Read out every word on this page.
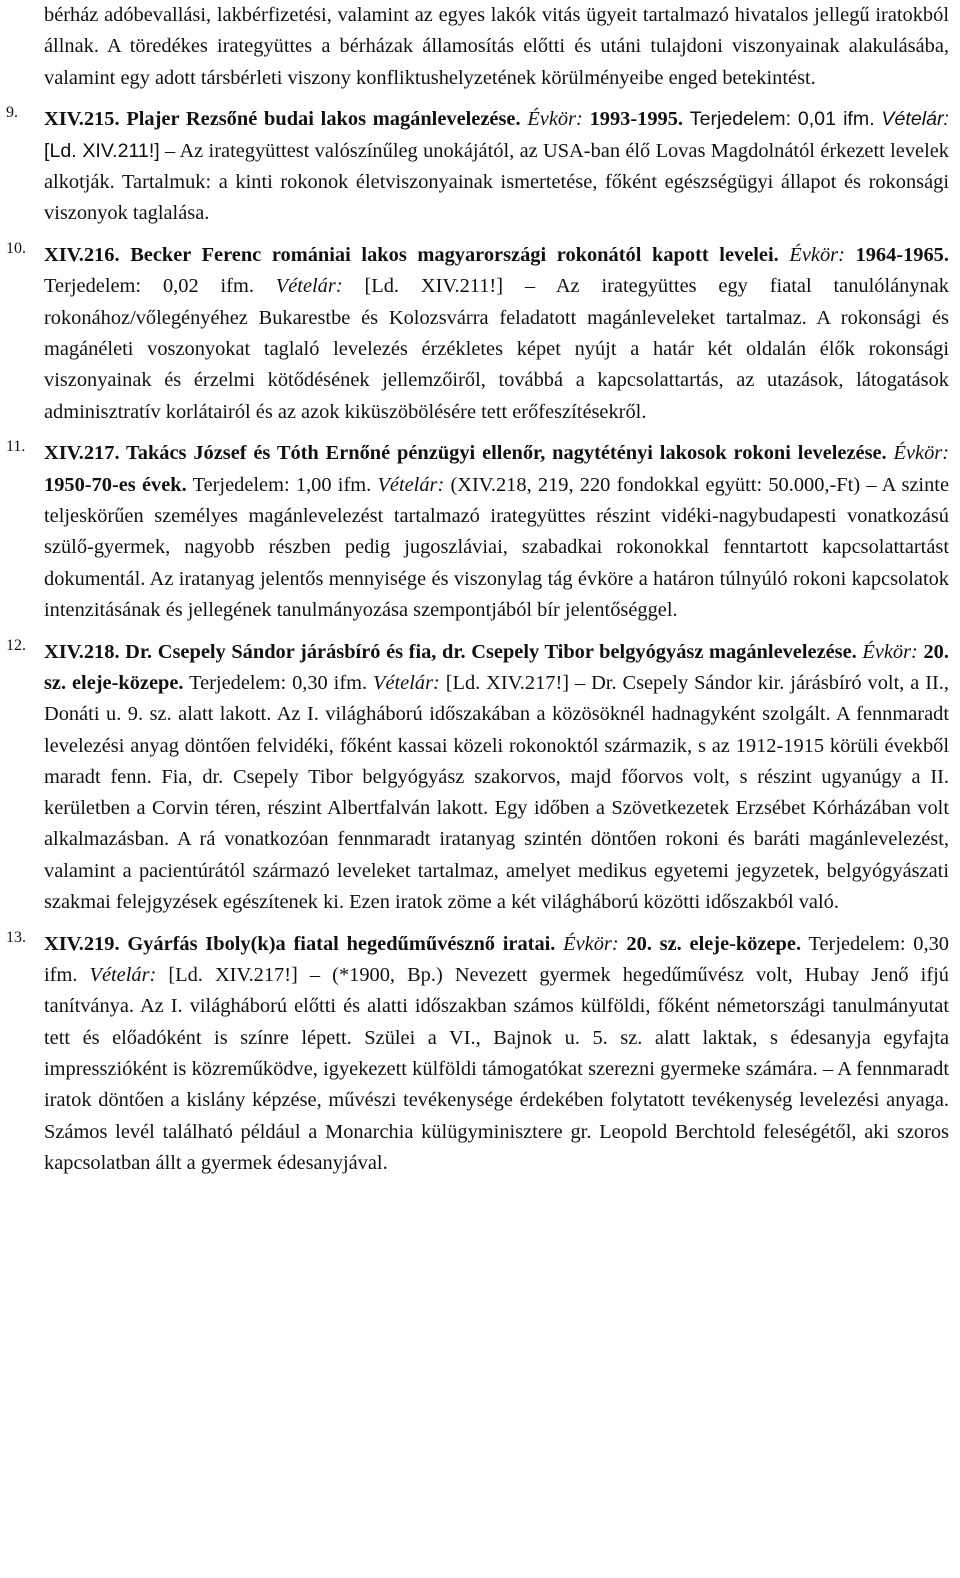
bérház adóbevallási, lakbérfizetési, valamint az egyes lakók vitás ügyeit tartalmazó hivatalos jellegű iratokból állnak. A töredékes irategyüttes a bérházak államosítás előtti és utáni tulajdoni viszonyainak alakulásába, valamint egy adott társbérleti viszony konfliktushelyzetének körülményeibe enged betekintést.

9. XIV.215. Plajer Rezsőné budai lakos magánlevelezése. Évkör: 1993-1995. Terjedelem: 0,01 ifm. Vételár: [Ld. XIV.211!] – Az irategyüttest valószínűleg unokájától, az USA-ban élő Lovas Magdolnától érkezett levelek alkotják. Tartalmuk: a kinti rokonok életviszonyainak ismertetése, főként egészségügyi állapot és rokonsági viszonyok taglalása.

10. XIV.216. Becker Ferenc romániai lakos magyarországi rokonától kapott levelei. Évkör: 1964-1965. Terjedelem: 0,02 ifm. Vételár: [Ld. XIV.211!] – Az irategyüttes egy fiatal tanulólánynak rokonához/vőlegényéhez Bukarestbe és Kolozsvárra feladatott magánleveleket tartalmaz. A rokonsági és magánéleti voszonyokat taglaló levelezés érzékletes képet nyújt a határ két oldalán élők rokonsági viszonyainak és érzelmi kötődésének jellemzőiről, továbbá a kapcsolattartás, az utazások, látogatások adminisztratív korlátairól és az azok kiküszöbölésére tett erőfeszítésekről.

11. XIV.217. Takács József és Tóth Ernőné pénzügyi ellenőr, nagytétényi lakosok rokoni levelezése. Évkör: 1950-70-es évek. Terjedelem: 1,00 ifm. Vételár: (XIV.218, 219, 220 fondokkal együtt: 50.000,-Ft) – A szinte teljeskörűen személyes magánlevelezést tartalmazó irategyüttes részint vidéki-nagybudapesti vonatkozású szülő-gyermek, nagyobb részben pedig jugoszláviai, szabadkai rokonokkal fenntartott kapcsolattartást dokumentál. Az iratanyag jelentős mennyisége és viszonylag tág évköre a határon túlnyúló rokoni kapcsolatok intenzitásának és jellegének tanulmányozása szempontjából bír jelentőséggel.

12. XIV.218. Dr. Csepely Sándor járásbíró és fia, dr. Csepely Tibor belgyógyász magánlevelezése. Évkör: 20. sz. eleje-közepe. Terjedelem: 0,30 ifm. Vételár: [Ld. XIV.217!] – Dr. Csepely Sándor kir. járásbíró volt, a II., Donáti u. 9. sz. alatt lakott. Az I. világháború időszakában a közösöknél hadnagyként szolgált. A fennmaradt levelezési anyag döntően felvidéki, főként kassai közeli rokonoktól származik, s az 1912-1915 körüli évekből maradt fenn. Fia, dr. Csepely Tibor belgyógyász szakorvos, majd főorvos volt, s részint ugyanúgy a II. kerületben a Corvin téren, részint Albertfalván lakott. Egy időben a Szövetkezetek Erzsébet Kórházában volt alkalmazásban. A rá vonatkozóan fennmaradt iratanyag szintén döntően rokoni és baráti magánlevelezést, valamint a pacientúrától származó leveleket tartalmaz, amelyet medikus egyetemi jegyzetek, belgyógyászati szakmai felejgyzések egészítenek ki. Ezen iratok zöme a két világháború közötti időszakból való.

13. XIV.219. Gyárfás Iboly(k)a fiatal hegedűművésznő iratai. Évkör: 20. sz. eleje-közepe. Terjedelem: 0,30 ifm. Vételár: [Ld. XIV.217!] – (*1900, Bp.) Nevezett gyermek hegedűművész volt, Hubay Jenő ifjú tanítványa. Az I. világháború előtti és alatti időszakban számos külföldi, főként németországi tanulmányutat tett és előadóként is színre lépett. Szülei a VI., Bajnok u. 5. sz. alatt laktak, s édesanyja egyfajta impresszióként is közreműködve, igyekezett külföldi támogatókat szerezni gyermeke számára. – A fennmaradt iratok döntően a kislány képzése, művészi tevékenysége érdekében folytatott tevékenység levelezési anyaga. Számos levél található például a Monarchia külügyminisztere gr. Leopold Berchtold feleségétől, aki szoros kapcsolatban állt a gyermek édesanyjával.
